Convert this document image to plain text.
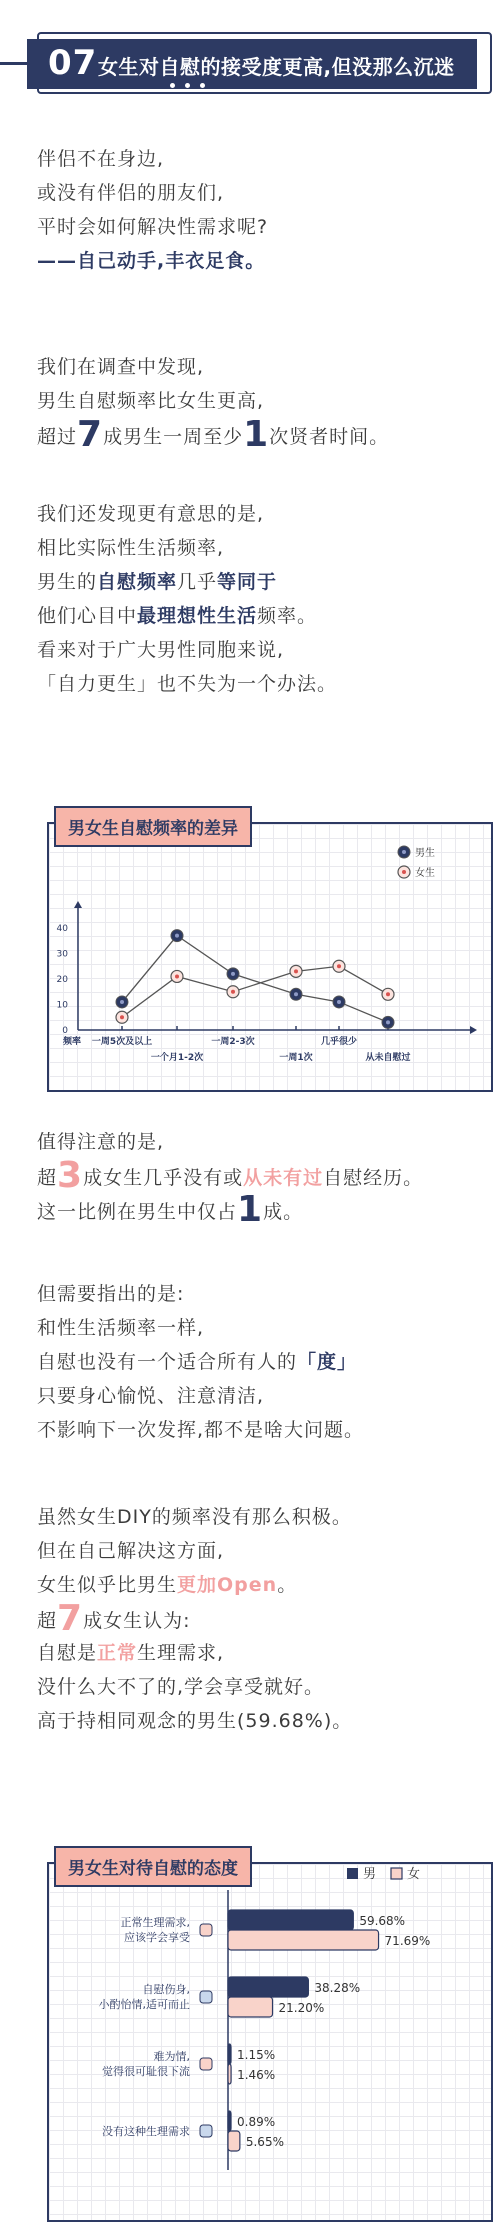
07 女生对自慰的接受度更高,但没那么沉迷

伴侣不在身边,

或没有伴侣的朋友们,

平时会如何解决性需求呢?

——自己动手,丰衣足食。

我们在调查中发现,

男生自慰频率比女生更高,

超过7成男生一周至少1次贤者时间。

我们还发现更有意思的是,

相比实际性生活频率,

男生的自慰频率几乎等同于

他们心目中最理想性生活频率。

看来对于广大男性同胞来说,

「自力更生」也不失为一个办法。

男女生自慰频率的差异
40
30
20
10
0
频率 一周5次及以上	一周2-3次	几乎很少
一个月1-2次	一周1次	从未自慰过
男生
女生

值得注意的是,

超3成女生几乎没有或从未有过自慰经历。

这一比例在男生中仅占1成。

但需要指出的是:

和性生活频率一样,

自慰也没有一个适合所有人的「度」

只要身心愉悦、注意清洁,

不影响下一次发挥,都不是啥大问题。

虽然女生DIY的频率没有那么积极。

但在自己解决这方面,

女生似乎比男生更加Open。

超7成女生认为:

自慰是正常生理需求,

没什么大不了的,学会享受就好。

高于持相同观念的男生(59.68%)。

男女生对待自慰的态度	男 女
59.68%
71.69%
正常生理需求,
应该学会享受
38.28%
21.20%
自慰伤身,
小酌怡情,适可而止
1.15%
1.46%
难为情,
觉得很可耻很下流
0.89%
5.65%
没有这种生理需求
